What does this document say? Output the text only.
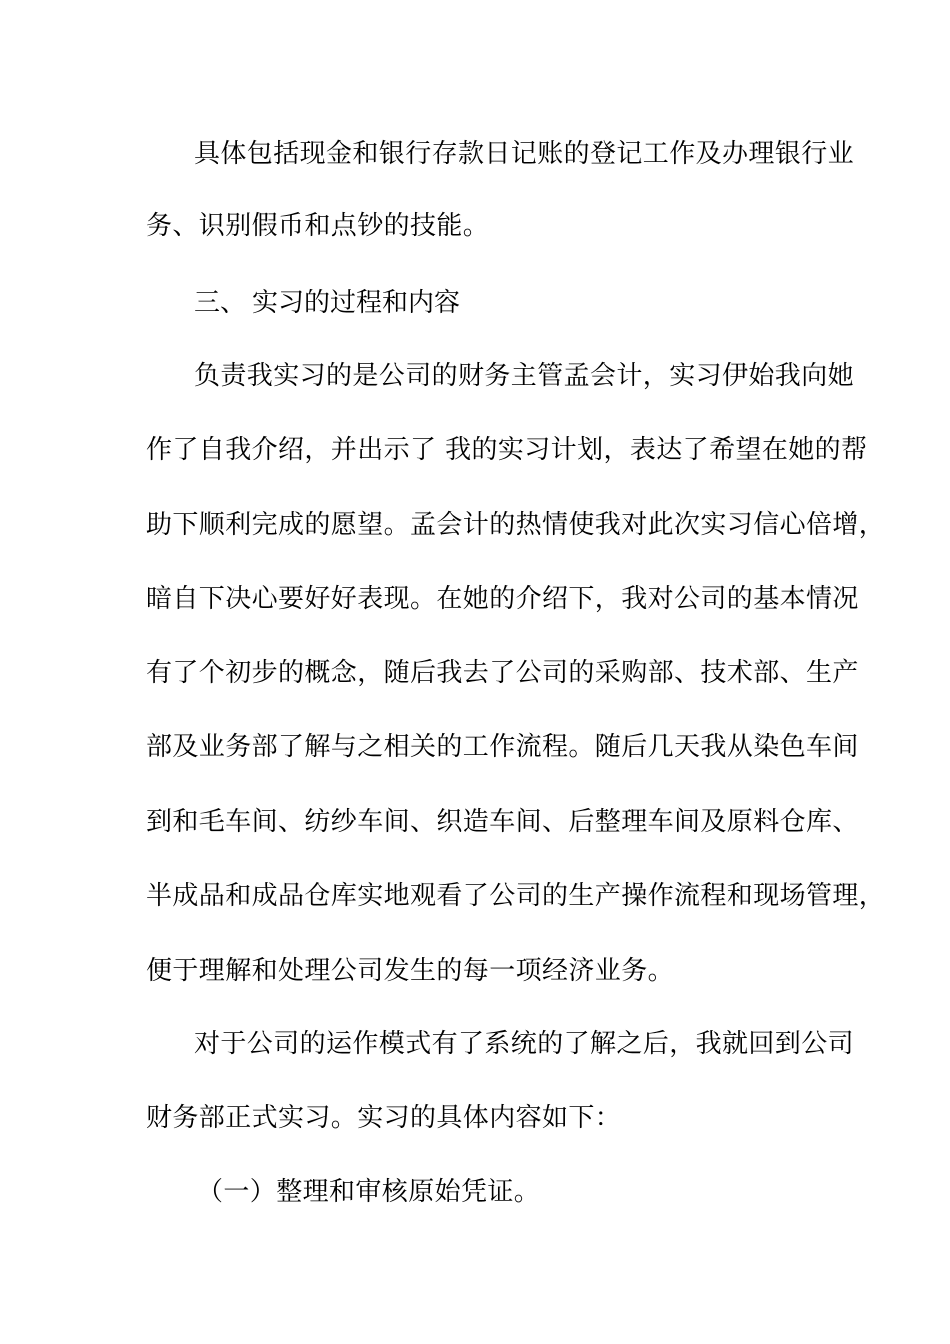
具体包括现金和银行存款日记账的登记工作及办理银行业
务、识别假币和点钞的技能。
三、 实习的过程和内容
负责我实习的是公司的财务主管孟会计，实习伊始我向她
作了自我介绍，并出示了 我的实习计划，表达了希望在她的帮
助下顺利完成的愿望。孟会计的热情使我对此次实习信心倍增，
暗自下决心要好好表现。在她的介绍下，我对公司的基本情况
有了个初步的概念，随后我去了公司的采购部、技术部、生产
部及业务部了解与之相关的工作流程。随后几天我从染色车间
到和毛车间、纺纱车间、织造车间、后整理车间及原料仓库、
半成品和成品仓库实地观看了公司的生产操作流程和现场管理，
便于理解和处理公司发生的每一项经济业务。
对于公司的运作模式有了系统的了解之后，我就回到公司
财务部正式实习。实习的具体内容如下：
（一）整理和审核原始凭证。
